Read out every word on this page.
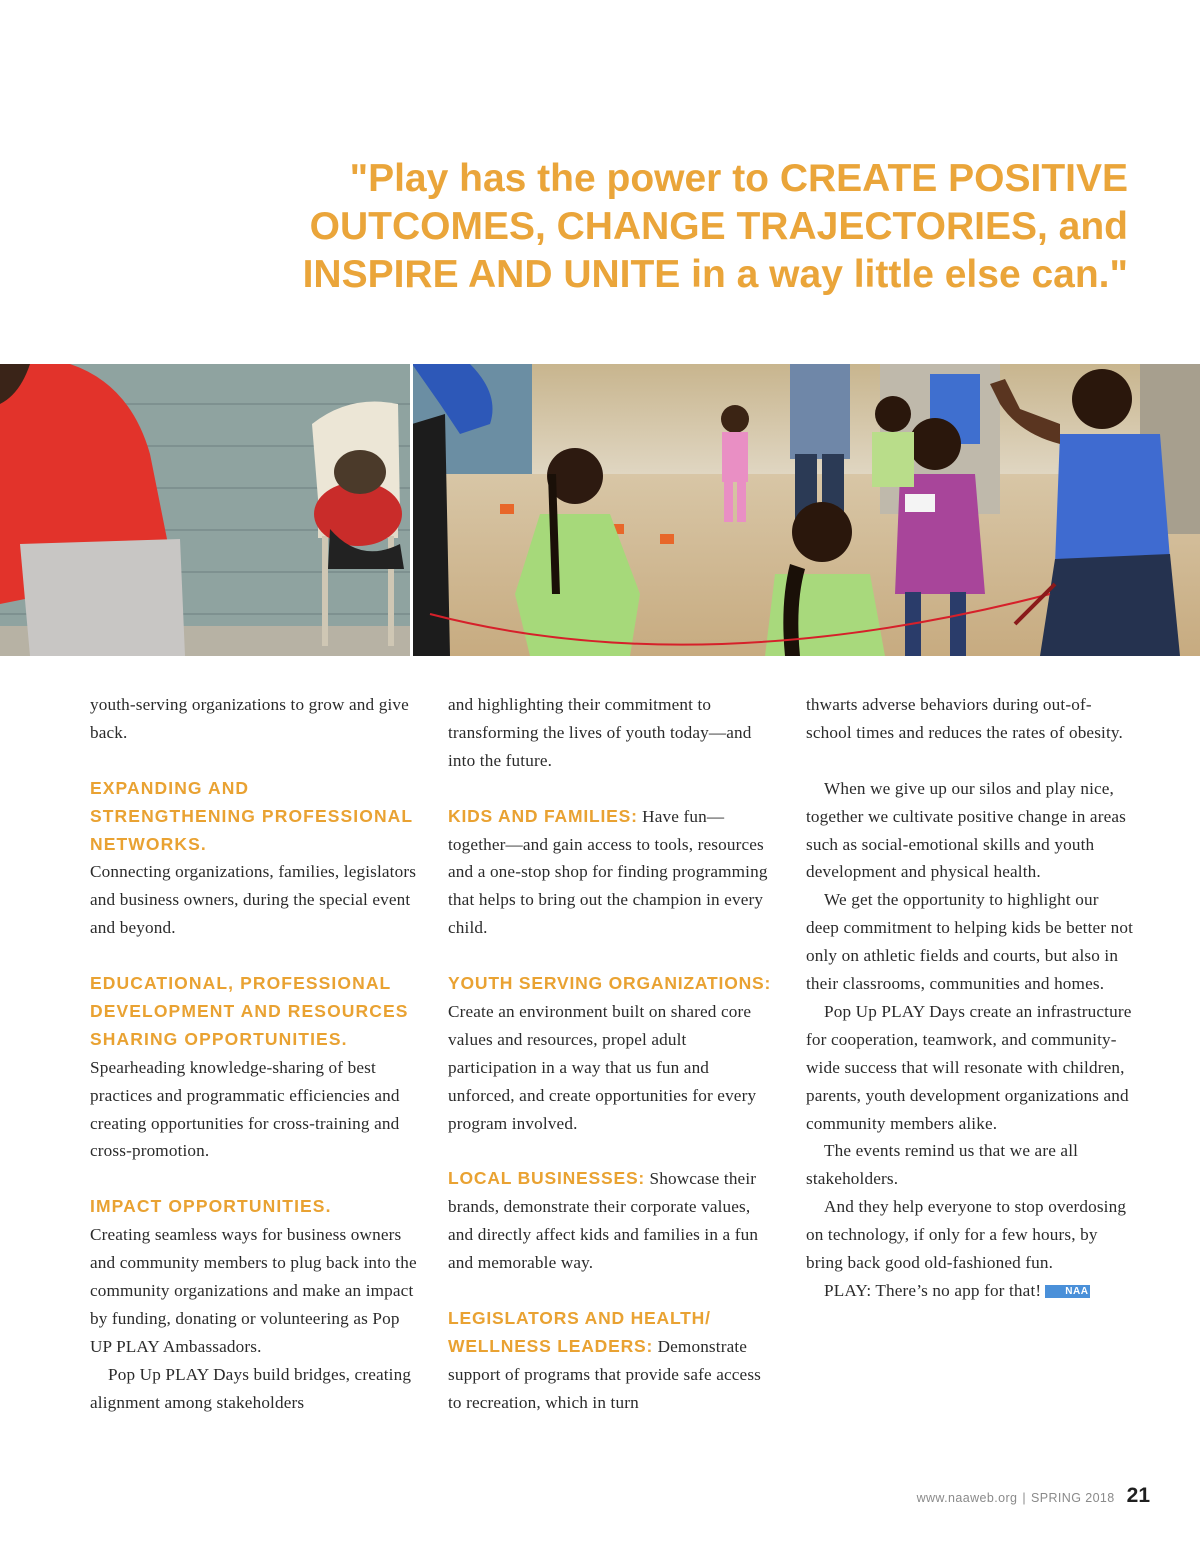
"Play has the power to CREATE POSITIVE
OUTCOMES, CHANGE TRAJECTORIES, and
INSPIRE AND UNITE in a way little else can."
youth-serving organizations to grow and give back.
EXPANDING AND STRENGTHENING PROFESSIONAL NETWORKS.
Connecting organizations, families, legislators and business owners, during the special event and beyond.
EDUCATIONAL, PROFESSIONAL DEVELOPMENT AND RESOURCES SHARING OPPORTUNITIES.
Spearheading knowledge-sharing of best practices and programmatic efficiencies and creating opportunities for cross-training and cross-promotion.
IMPACT OPPORTUNITIES.
Creating seamless ways for business owners and community members to plug back into the community organizations and make an impact by funding, donating or volunteering as Pop UP PLAY Ambassadors.
Pop Up PLAY Days build bridges, creating alignment among stakeholders
and highlighting their commitment to transforming the lives of youth today—and into the future.
KIDS AND FAMILIES: Have fun—together—and gain access to tools, resources and a one-stop shop for finding programming that helps to bring out the champion in every child.
YOUTH SERVING ORGANIZATIONS: Create an environment built on shared core values and resources, propel adult participation in a way that us fun and unforced, and create opportunities for every program involved.
LOCAL BUSINESSES: Showcase their brands, demonstrate their corporate values, and directly affect kids and families in a fun and memorable way.
LEGISLATORS AND HEALTH/ WELLNESS LEADERS: Demonstrate support of programs that provide safe access to recreation, which in turn
thwarts adverse behaviors during out-of-school times and reduces the rates of obesity.
When we give up our silos and play nice, together we cultivate positive change in areas such as social-emotional skills and youth development and physical health.
We get the opportunity to highlight our deep commitment to helping kids be better not only on athletic fields and courts, but also in their classrooms, communities and homes.
Pop Up PLAY Days create an infrastructure for cooperation, teamwork, and community-wide success that will resonate with children, parents, youth development organizations and community members alike.
The events remind us that we are all stakeholders.
And they help everyone to stop overdosing on technology, if only for a few hours, by bring back good old-fashioned fun.
PLAY: There’s no app for that! NAA
www.naaweb.org | SPRING 2018 21
